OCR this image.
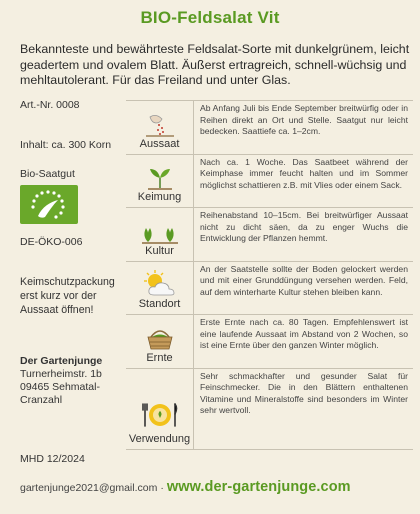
BIO-Feldsalat Vit
Bekannteste und bewährteste Feldsalat-Sorte mit dunkelgrünem, leicht geadertem und ovalem Blatt. Äußerst ertragreich, schnell-wüchsig und mehltautolerant. Für das Freiland und unter Glas.
Art.-Nr. 0008
Inhalt: ca. 300 Korn
Bio-Saatgut
DE-ÖKO-006
Keimschutzpackung erst kurz vor der Aussaat öffnen!
Der Gartenjunge
Turnerheimstr. 1b
09465 Sehmatal-Cranzahl
MHD 12/2024
Aussaat
Ab Anfang Juli bis Ende September breitwürfig oder in Reihen direkt an Ort und Stelle. Saatgut nur leicht bedecken. Saattiefe ca. 1–2cm.
Keimung
Nach ca. 1 Woche. Das Saatbeet während der Keimphase immer feucht halten und im Sommer möglichst schattieren z.B. mit Vlies oder einem Sack.
Kultur
Reihenabstand 10–15cm. Bei breitwürfiger Aussaat nicht zu dicht säen, da zu enger Wuchs die Entwicklung der Pflanzen hemmt.
Standort
An der Saatstelle sollte der Boden gelockert werden und mit einer Grunddüngung versehen werden. Feld, auf dem winterharte Kultur stehen bleiben kann.
Ernte
Erste Ernte nach ca. 80 Tagen. Empfehlenswert ist eine laufende Aussaat im Abstand von 2 Wochen, so ist eine Ernte über den ganzen Winter möglich.
Verwendung
Sehr schmackhafter und gesunder Salat für Feinschmecker. Die in den Blättern enthaltenen Vitamine und Mineralstoffe sind besonders im Winter sehr wertvoll.
gartenjunge2021@gmail.com · www.der-gartenjunge.com
